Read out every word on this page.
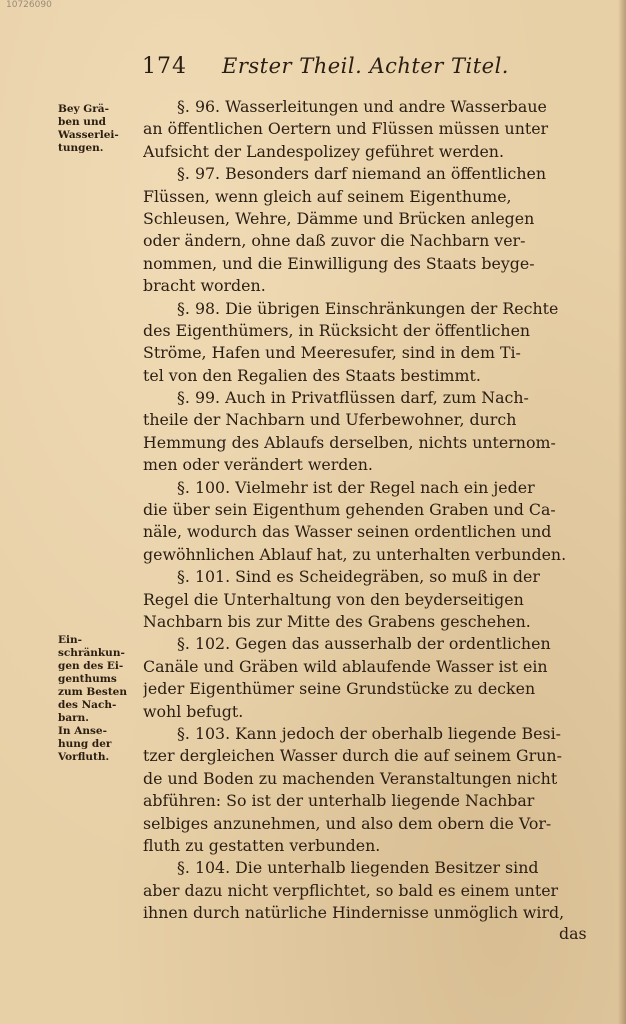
10726090
174 Erster Theil. Achter Titel.
Bey Grä-
ben und
Wasserlei-
tungen.
Ein-
schränkun-
gen des Ei-
genthums
zum Besten
des Nach-
barn.
In Anse-
hung der
Vorfluth.
§. 96. Wasserleitungen und andre Wasserbaue
an öffentlichen Oertern und Flüssen müssen unter
Aufsicht der Landespolizey geführet werden.
§. 97. Besonders darf niemand an öffentlichen
Flüssen, wenn gleich auf seinem Eigenthume,
Schleusen, Wehre, Dämme und Brücken anlegen
oder ändern, ohne daß zuvor die Nachbarn ver-
nommen, und die Einwilligung des Staats beyge-
bracht worden.
§. 98. Die übrigen Einschränkungen der Rechte
des Eigenthümers, in Rücksicht der öffentlichen
Ströme, Hafen und Meeresufer, sind in dem Ti-
tel von den Regalien des Staats bestimmt.
§. 99. Auch in Privatflüssen darf, zum Nach-
theile der Nachbarn und Uferbewohner, durch
Hemmung des Ablaufs derselben, nichts unternom-
men oder verändert werden.
§. 100. Vielmehr ist der Regel nach ein jeder
die über sein Eigenthum gehenden Graben und Ca-
näle, wodurch das Wasser seinen ordentlichen und
gewöhnlichen Ablauf hat, zu unterhalten verbunden.
§. 101. Sind es Scheidegräben, so muß in der
Regel die Unterhaltung von den beyderseitigen
Nachbarn bis zur Mitte des Grabens geschehen.
§. 102. Gegen das ausserhalb der ordentlichen
Canäle und Gräben wild ablaufende Wasser ist ein
jeder Eigenthümer seine Grundstücke zu decken
wohl befugt.
§. 103. Kann jedoch der oberhalb liegende Besi-
tzer dergleichen Wasser durch die auf seinem Grun-
de und Boden zu machenden Veranstaltungen nicht
abführen: So ist der unterhalb liegende Nachbar
selbiges anzunehmen, und also dem obern die Vor-
fluth zu gestatten verbunden.
§. 104. Die unterhalb liegenden Besitzer sind
aber dazu nicht verpflichtet, so bald es einem unter
ihnen durch natürliche Hindernisse unmöglich wird,
das
